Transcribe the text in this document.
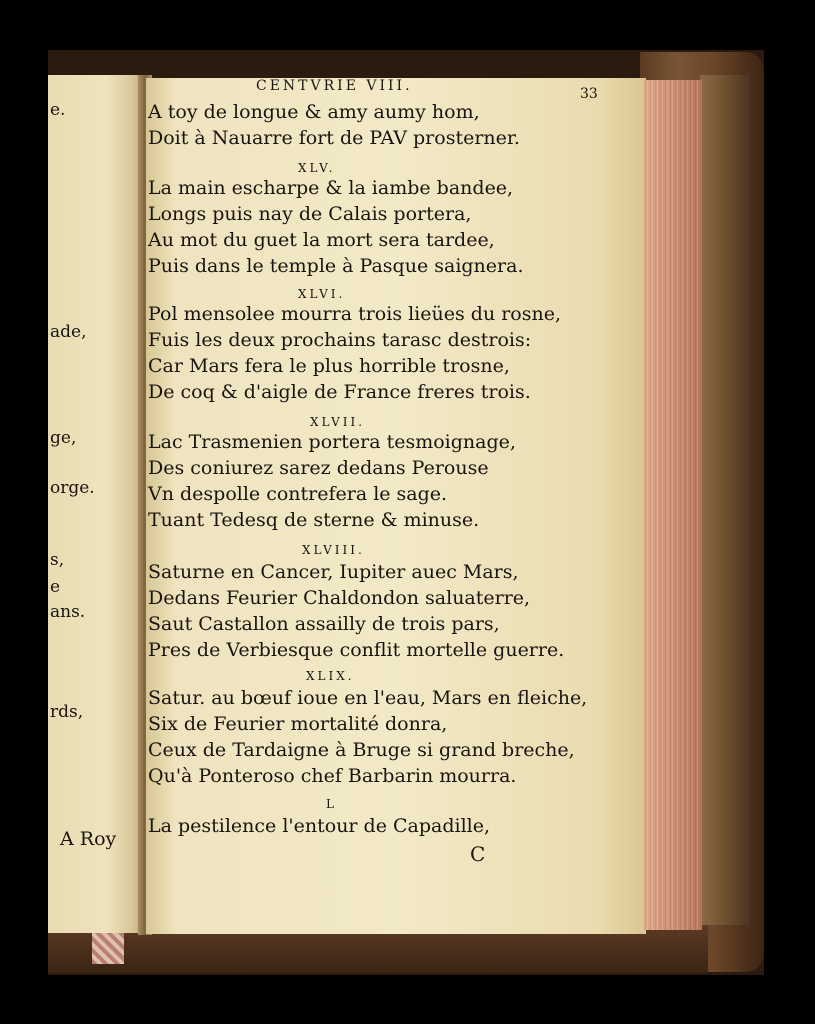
e.
ade,
ge,
orge.
s,
e
ans.
rds,
A Roy
CENTVRIE VIII.	33
A toy de longue & amy aumy hom,
Doit à Nauarre fort de PAV prosterner.
XLV.
La main escharpe & la iambe bandee,
Longs puis nay de Calais portera,
Au mot du guet la mort sera tardee,
Puis dans le temple à Pasque saignera.
XLVI.
Pol mensolee mourra trois lieües du rosne,
Fuis les deux prochains tarasc destrois:
Car Mars fera le plus horrible trosne,
De coq & d'aigle de France freres trois.
XLVII.
Lac Trasmenien portera tesmoignage,
Des coniurez sarez dedans Perouse
Vn despolle contrefera le sage.
Tuant Tedesq de sterne & minuse.
XLVIII.
Saturne en Cancer, Iupiter auec Mars,
Dedans Feurier Chaldondon saluaterre,
Saut Castallon assailly de trois pars,
Pres de Verbiesque conflit mortelle guerre.
XLIX.
Satur. au bœuf ioue en l'eau, Mars en fleiche,
Six de Feurier mortalité donra,
Ceux de Tardaigne à Bruge si grand breche,
Qu'à Ponteroso chef Barbarin mourra.
L
La pestilence l'entour de Capadille,
C
